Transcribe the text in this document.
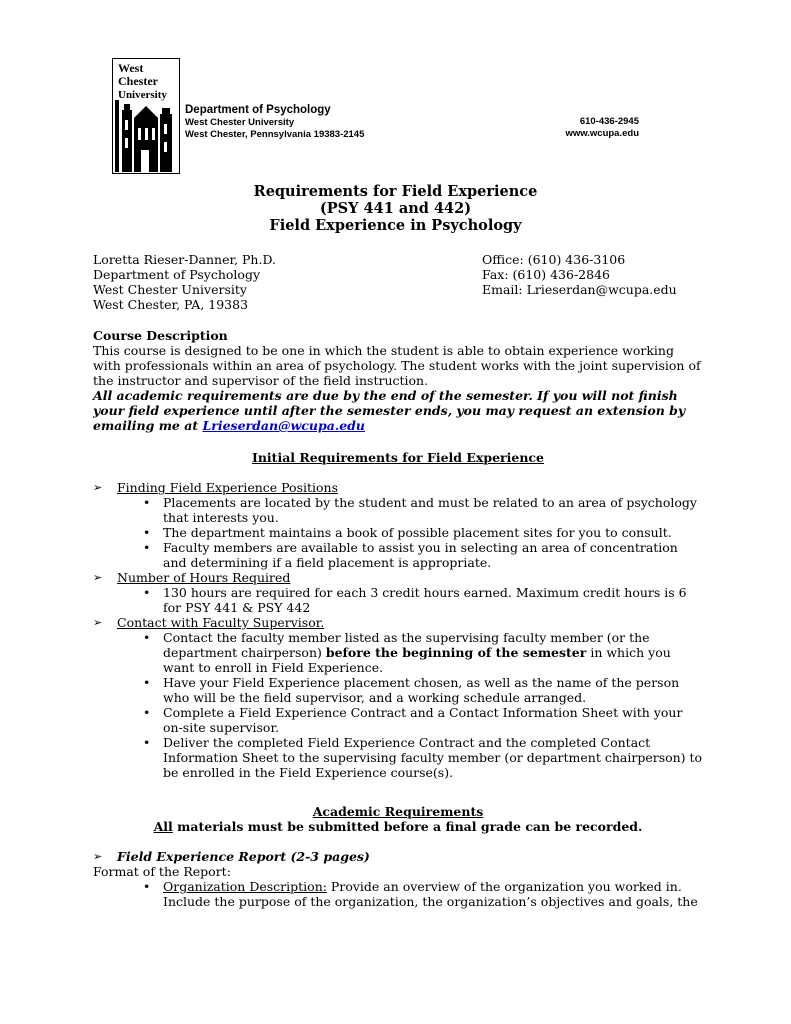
West
Chester
University
Department of Psychology
West Chester University
West Chester, Pennsylvania 19383-2145
610-436-2945
www.wcupa.edu
Requirements for Field Experience
(PSY 441 and 442)
Field Experience in Psychology
Loretta Rieser-Danner, Ph.D.
Department of Psychology
West Chester University
West Chester, PA, 19383
Office: (610) 436-3106
Fax: (610) 436-2846
Email: Lrieserdan@wcupa.edu
Course Description
This course is designed to be one in which the student is able to obtain experience working with professionals within an area of psychology. The student works with the joint supervision of the instructor and supervisor of the field instruction.
All academic requirements are due by the end of the semester. If you will not finish your field experience until after the semester ends, you may request an extension by emailing me at Lrieserdan@wcupa.edu
Initial Requirements for Field Experience
➢ Finding Field Experience Positions
• Placements are located by the student and must be related to an area of psychology that interests you.
• The department maintains a book of possible placement sites for you to consult.
• Faculty members are available to assist you in selecting an area of concentration and determining if a field placement is appropriate.
➢ Number of Hours Required
• 130 hours are required for each 3 credit hours earned. Maximum credit hours is 6 for PSY 441 & PSY 442
➢ Contact with Faculty Supervisor.
• Contact the faculty member listed as the supervising faculty member (or the department chairperson) before the beginning of the semester in which you want to enroll in Field Experience.
• Have your Field Experience placement chosen, as well as the name of the person who will be the field supervisor, and a working schedule arranged.
• Complete a Field Experience Contract and a Contact Information Sheet with your on-site supervisor.
• Deliver the completed Field Experience Contract and the completed Contact Information Sheet to the supervising faculty member (or department chairperson) to be enrolled in the Field Experience course(s).
Academic Requirements
All materials must be submitted before a final grade can be recorded.
➢ Field Experience Report (2-3 pages)
Format of the Report:
• Organization Description: Provide an overview of the organization you worked in. Include the purpose of the organization, the organization’s objectives and goals, the
